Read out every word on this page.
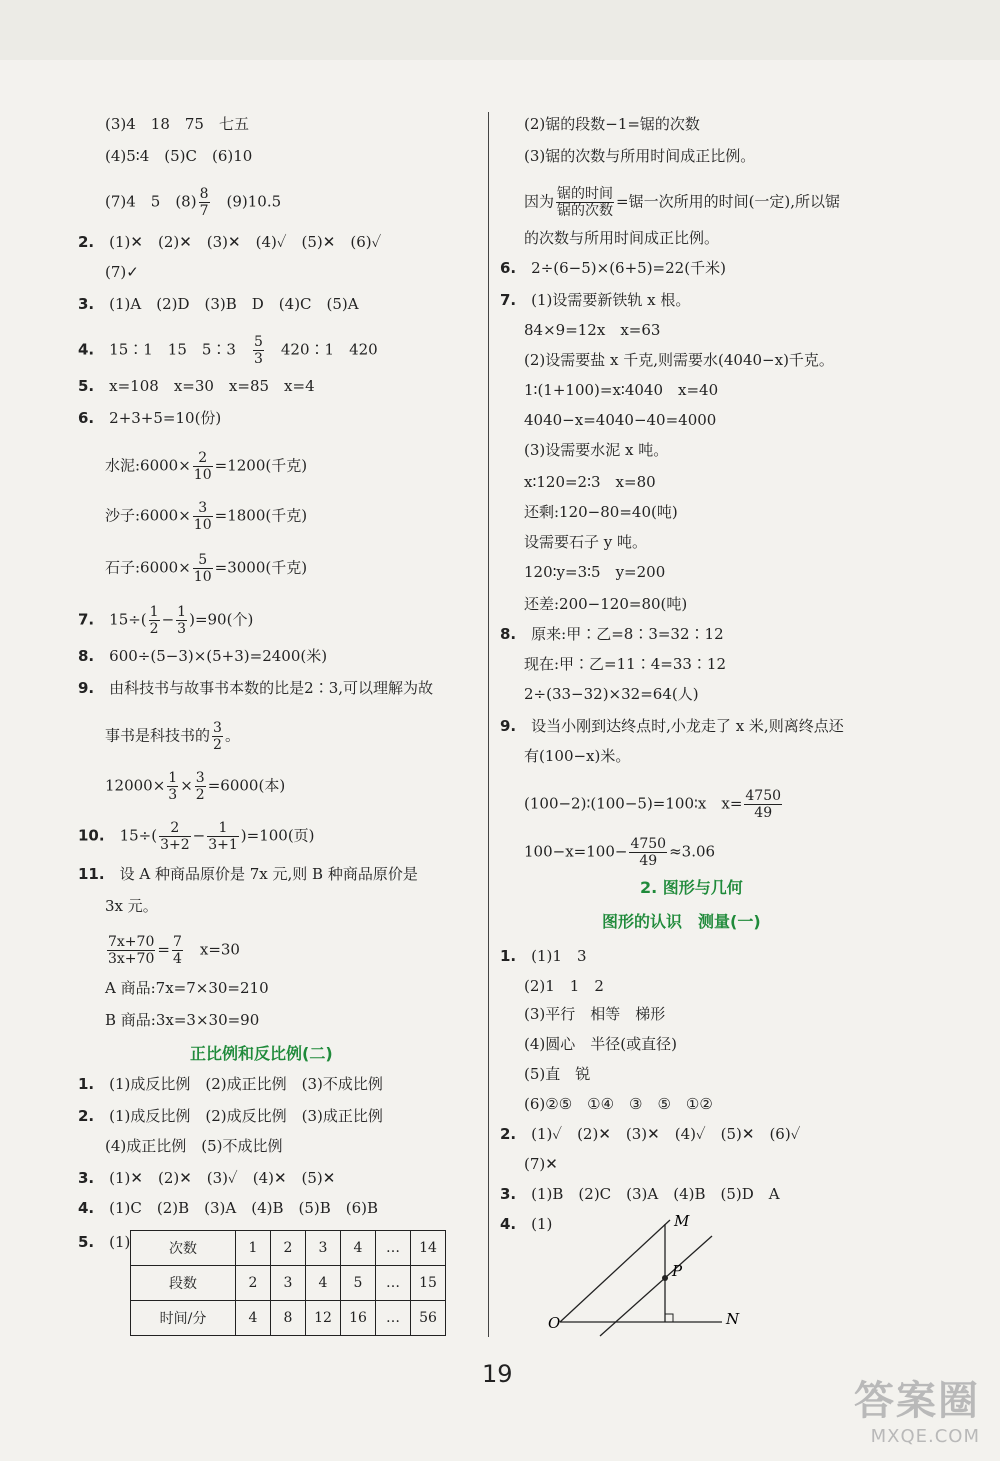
(3)4　18　75　七五
(4)5∶4　(5)C　(6)10
(7)4　5　$(8) \frac{8}{7}$ 　(9)10.5
2.　 (1)✕　(2)✕　(3)✕　(4)✓　(5)✕　(6)✓
(7)✓
3.　 (1)A　(2)D　(3)B　D　(4)C　(5)A
4.　 15∶1　15　5∶3　 $\frac{5}{3}$ 　420∶1　420
5.　 x=108　x=30　x=85　x=4
6.　 2+3+5=10(份)
水泥:6000× $\frac{2}{10} =1200$(千克)
沙子:6000× $\frac{3}{10} =1800$(千克)
石子:6000× $\frac{5}{10} =3000$(千克)
7.　 $15\div( \frac{1}{2} - \frac{1}{3} )=90$(个)
8.　 600÷(5−3)×(5+3)=2400(米)
9.　 由科技书与故事书本数的比是2∶3,可以理解为故
事书是科技书的 $\frac{3}{2}$ 。
$12000\times \frac{1}{3} \times \frac{3}{2} =6000$(本)
10.　 $15\div( \frac{2}{3+2} - \frac{1}{3+1} )=100$(页)
11.　 设 A 种商品原价是 7x 元,则 B 种商品原价是
3x 元。
$\frac{7x+70}{3x+70} = \frac{7}{4}$ 　x=30
A 商品:7x=7×30=210
B 商品:3x=3×30=90
正比例和反比例(二)
1.　 (1)成反比例　(2)成正比例　(3)不成比例
2.　 (1)成反比例　(2)成反比例　(3)成正比例
(4)成正比例　(5)不成比例
3.　 (1)✕　(2)✕　(3)✓　(4)✕　(5)✕
4.　 (1)C　(2)B　(3)A　(4)B　(5)B　(6)B
5.　 (1)	次数	1	2	3	4	…	14
段数	2	3	4	5	…	15
时间/分	4	8	12	16	…	56
(2)锯的段数−1=锯的次数
(3)锯的次数与所用时间成正比例。
因为 $\frac{\text{锯的时间}}{\text{锯的次数}}$ =锯一次所用的时间(一定),所以锯
的次数与所用时间成正比例。
6.　 2÷(6−5)×(6+5)=22(千米)
7.　 (1)设需要新铁轨 x 根。
84×9=12x　x=63
(2)设需要盐 x 千克,则需要水(4040−x)千克。
1∶(1+100)=x∶4040　x=40
4040−x=4040−40=4000
(3)设需要水泥 x 吨。
x∶120=2∶3　x=80
还剩:120−80=40(吨)
设需要石子 y 吨。
120∶y=3∶5　y=200
还差:200−120=80(吨)
8.　 原来:甲∶乙=8∶3=32∶12
现在:甲∶乙=11∶4=33∶12
2÷(33−32)×32=64(人)
9.　 设当小刚到达终点时,小龙走了 x 米,则离终点还
有(100−x)米。
(100−2)∶(100−5)=100∶x　$x= \frac{4750}{49}$
$100-x=100- \frac{4750}{49} \approx 3.06$
2. 图形与几何
图形的认识　测量(一)
1.　 (1)1　3
(2)1　1　2
(3)平行　相等　梯形
(4)圆心　半径(或直径)
(5)直　锐
(6)②⑤　①④　③　⑤　①②
2.　 (1)✓　(2)✕　(3)✕　(4)✓　(5)✕　(6)✓
(7)✕
3.　 (1)B　(2)C　(3)A　(4)B　(5)D　A
4.　 (1)	M
P
O	N
19
答案圈
MXQE.COM
